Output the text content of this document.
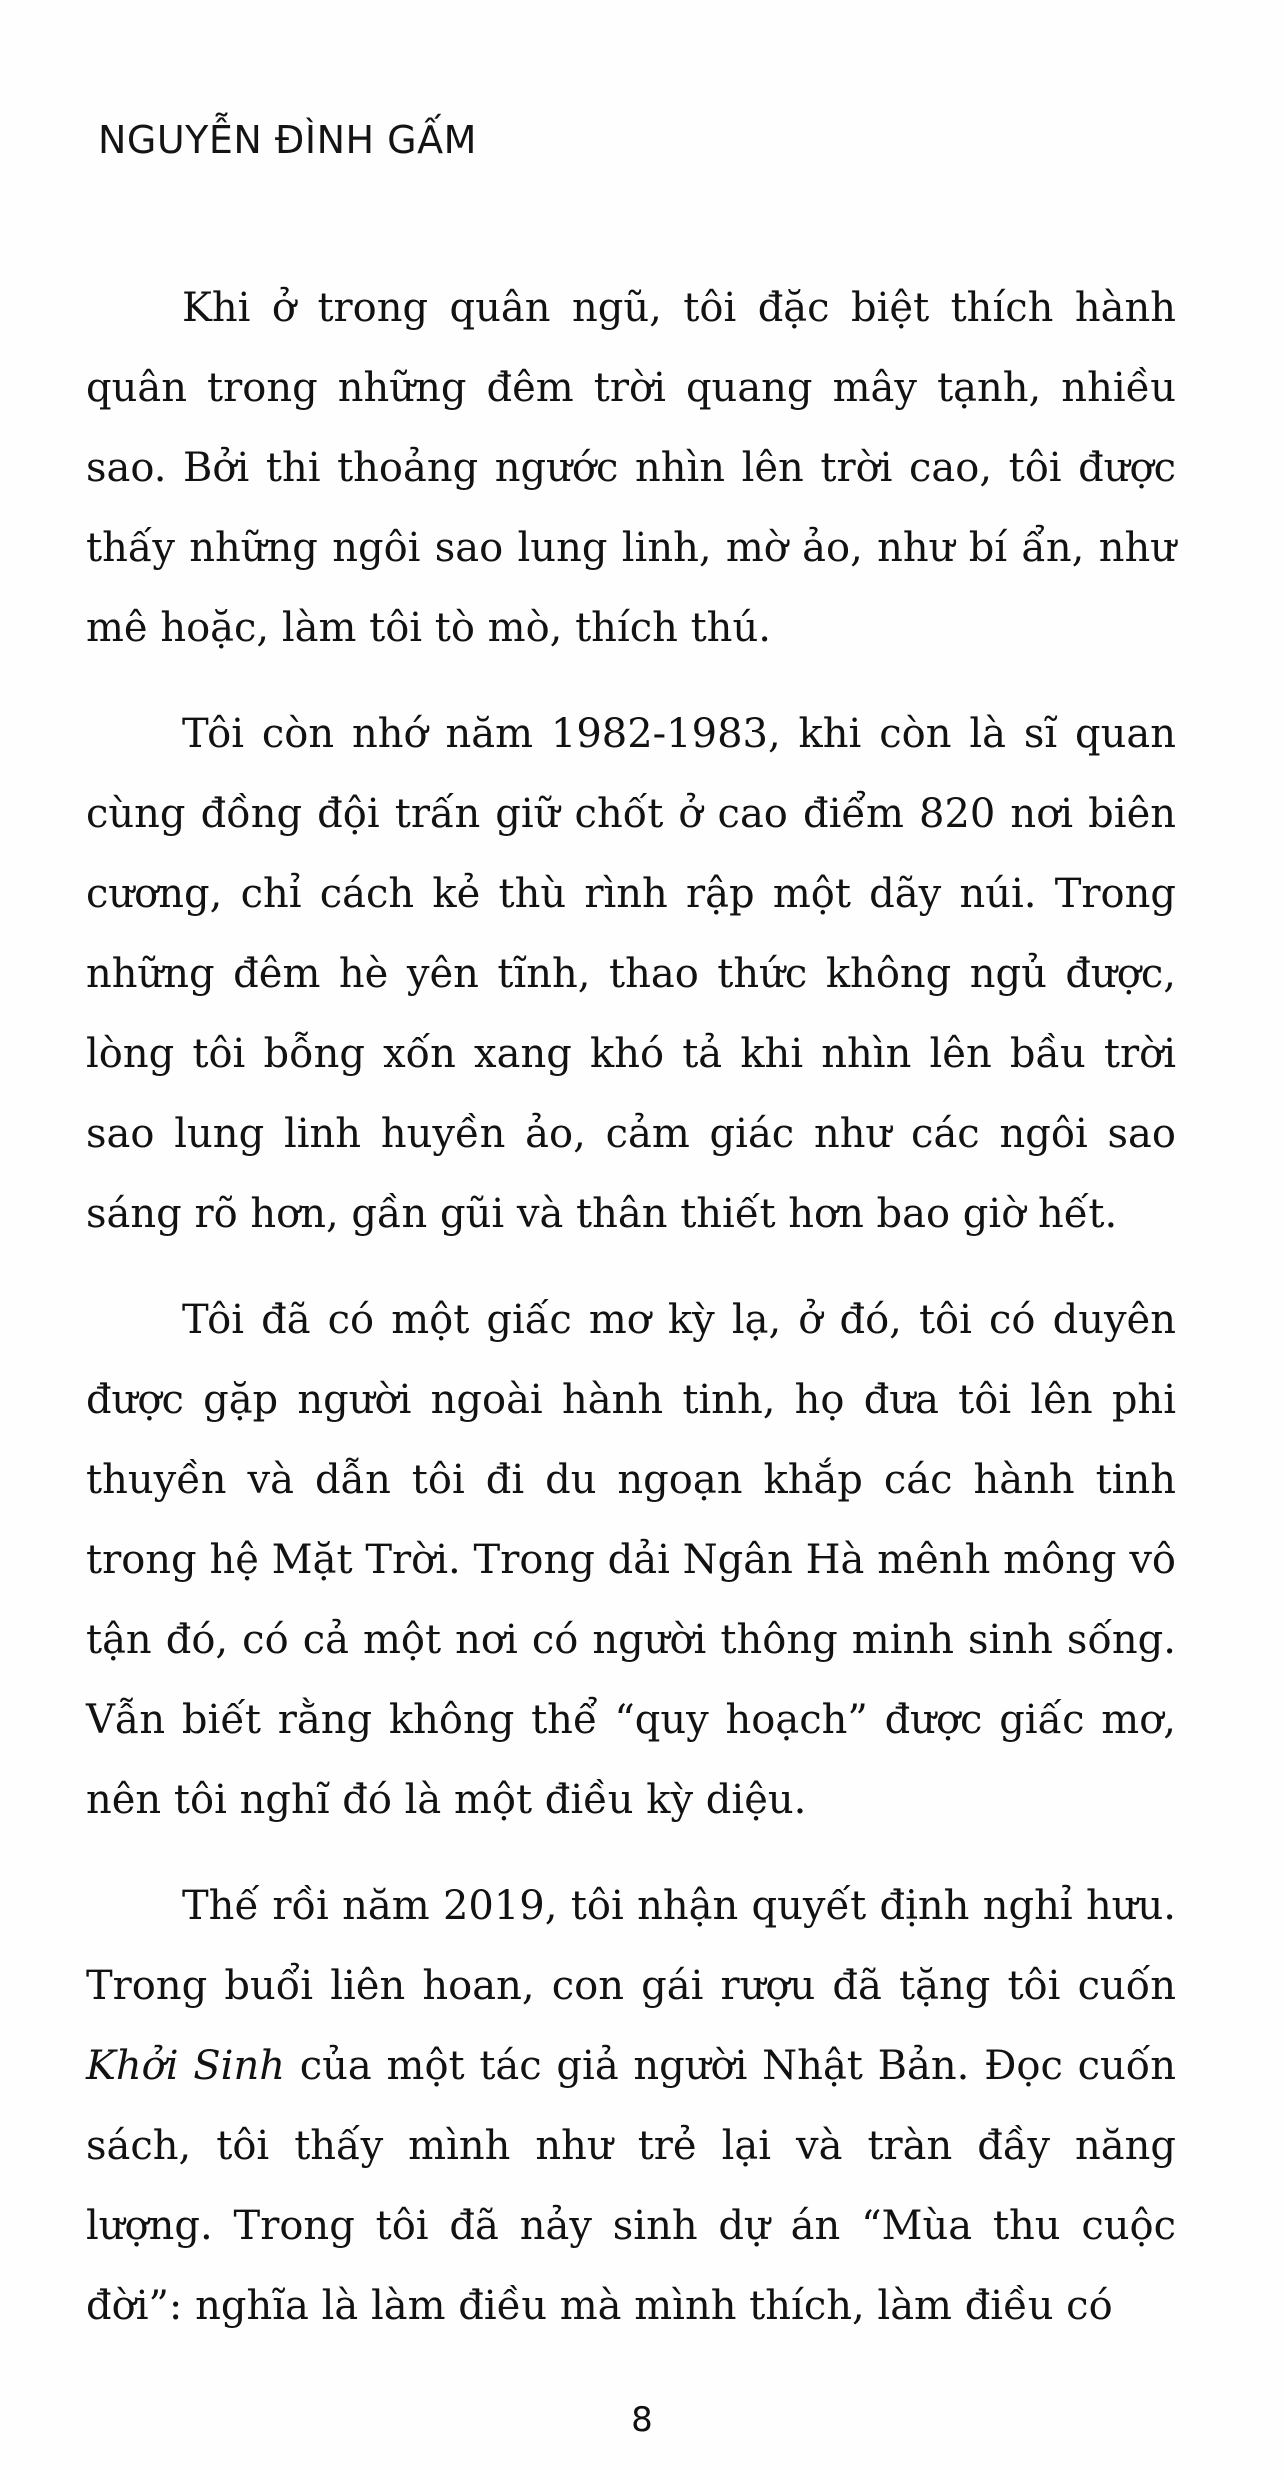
NGUYỄN ĐÌNH GẤM

Khi ở trong quân ngũ, tôi đặc biệt thích hành quân trong những đêm trời quang mây tạnh, nhiều sao. Bởi thi thoảng ngước nhìn lên trời cao, tôi được thấy những ngôi sao lung linh, mờ ảo, như bí ẩn, như mê hoặc, làm tôi tò mò, thích thú.

Tôi còn nhớ năm 1982-1983, khi còn là sĩ quan cùng đồng đội trấn giữ chốt ở cao điểm 820 nơi biên cương, chỉ cách kẻ thù rình rập một dãy núi. Trong những đêm hè yên tĩnh, thao thức không ngủ được, lòng tôi bỗng xốn xang khó tả khi nhìn lên bầu trời sao lung linh huyền ảo, cảm giác như các ngôi sao sáng rõ hơn, gần gũi và thân thiết hơn bao giờ hết.

Tôi đã có một giấc mơ kỳ lạ, ở đó, tôi có duyên được gặp người ngoài hành tinh, họ đưa tôi lên phi thuyền và dẫn tôi đi du ngoạn khắp các hành tinh trong hệ Mặt Trời. Trong dải Ngân Hà mênh mông vô tận đó, có cả một nơi có người thông minh sinh sống. Vẫn biết rằng không thể “quy hoạch” được giấc mơ, nên tôi nghĩ đó là một điều kỳ diệu.

Thế rồi năm 2019, tôi nhận quyết định nghỉ hưu. Trong buổi liên hoan, con gái rượu đã tặng tôi cuốn Khởi Sinh của một tác giả người Nhật Bản. Đọc cuốn sách, tôi thấy mình như trẻ lại và tràn đầy năng lượng. Trong tôi đã nảy sinh dự án “Mùa thu cuộc đời”: nghĩa là làm điều mà mình thích, làm điều có

8
